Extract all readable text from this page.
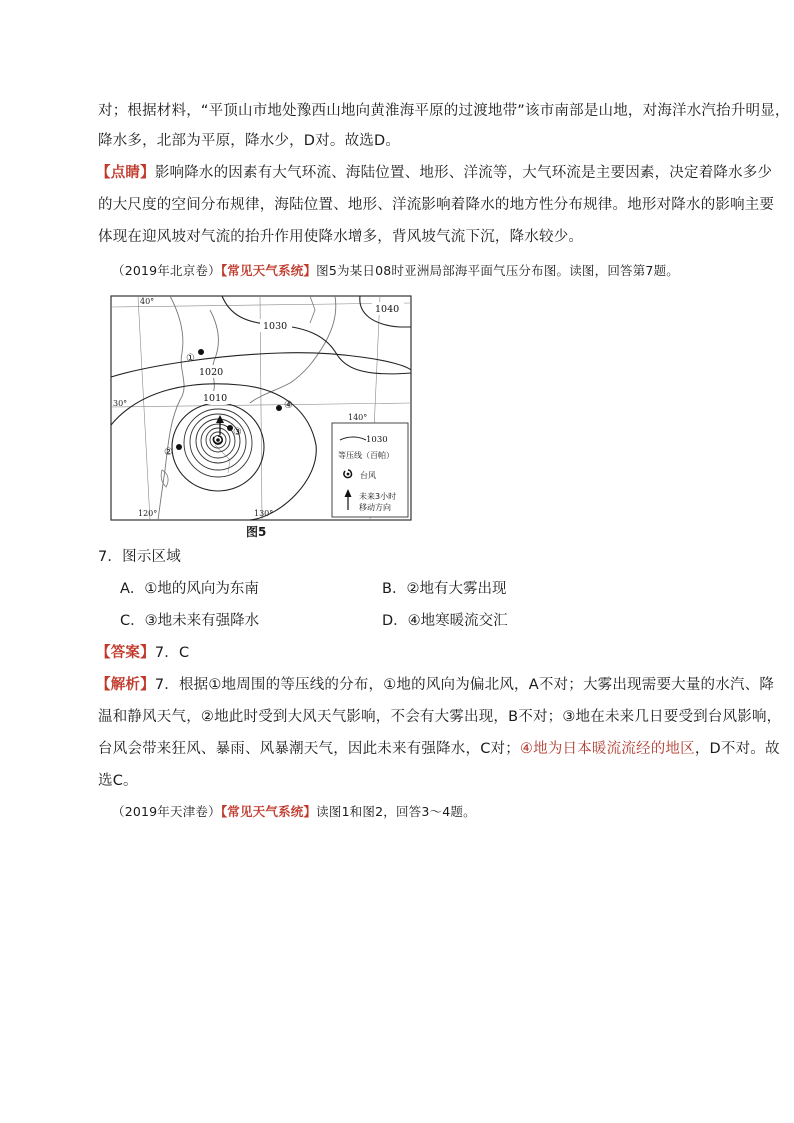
对；根据材料，“平顶山市地处豫西山地向黄淮海平原的过渡地带”该市南部是山地，对海洋水汽抬升明显，
降水多，北部为平原，降水少，D对。故选D。
【点睛】影响降水的因素有大气环流、海陆位置、地形、洋流等，大气环流是主要因素，决定着降水多少
的大尺度的空间分布规律，海陆位置、地形、洋流影响着降水的地方性分布规律。地形对降水的影响主要
体现在迎风坡对气流的抬升作用使降水增多，背风坡气流下沉，降水较少。
（2019年北京卷）【常见天气系统】图5为某日08时亚洲局部海平面气压分布图。读图，回答第7题。
40°
30°
120°	130°
140°
1040
1030
1020
1010
①
②
③
④
1030
等压线（百帕）
台风
未来3小时
移动方向
图5
7．图示区域
A．①地的风向为东南	B．②地有大雾出现
C．③地未来有强降水	D．④地寒暖流交汇
【答案】7．C
【解析】7．根据①地周围的等压线的分布，①地的风向为偏北风，A不对；大雾出现需要大量的水汽、降
温和静风天气，②地此时受到大风天气影响，不会有大雾出现，B不对；③地在未来几日要受到台风影响，
台风会带来狂风、暴雨、风暴潮天气，因此未来有强降水，C对；④地为日本暖流流经的地区，D不对。故
选C。
（2019年天津卷）【常见天气系统】读图1和图2，回答3～4题。
